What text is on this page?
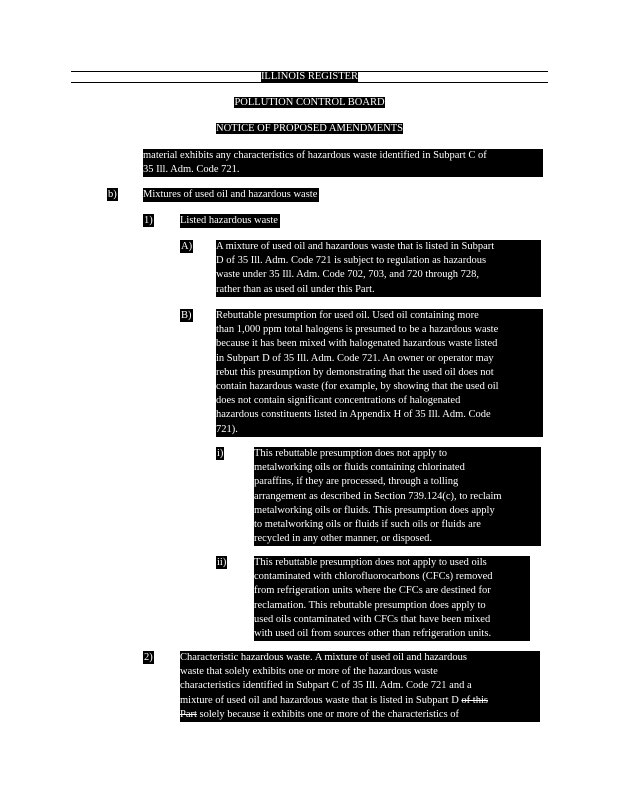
ILLINOIS REGISTER
POLLUTION CONTROL BOARD
NOTICE OF PROPOSED AMENDMENTS
material exhibits any characteristics of hazardous waste identified in Subpart C of
35 Ill. Adm. Code 721.
b)	Mixtures of used oil and hazardous waste
1)	Listed hazardous waste
A) A mixture of used oil and hazardous waste that is listed in Subpart
D of 35 Ill. Adm. Code 721 is subject to regulation as hazardous
waste under 35 Ill. Adm. Code 702, 703, and 720 through 728,
rather than as used oil under this Part.
B) Rebuttable presumption for used oil. Used oil containing more
than 1,000 ppm total halogens is presumed to be a hazardous waste
because it has been mixed with halogenated hazardous waste listed
in Subpart D of 35 Ill. Adm. Code 721. An owner or operator may
rebut this presumption by demonstrating that the used oil does not
contain hazardous waste (for example, by showing that the used oil
does not contain significant concentrations of halogenated
hazardous constituents listed in Appendix H of 35 Ill. Adm. Code
721).
i)	This rebuttable presumption does not apply to
metalworking oils or fluids containing chlorinated
paraffins, if they are processed, through a tolling
arrangement as described in Section 739.124(c), to reclaim
metalworking oils or fluids. This presumption does apply
to metalworking oils or fluids if such oils or fluids are
recycled in any other manner, or disposed.
ii)	This rebuttable presumption does not apply to used oils
contaminated with chlorofluorocarbons (CFCs) removed
from refrigeration units where the CFCs are destined for
reclamation. This rebuttable presumption does apply to
used oils contaminated with CFCs that have been mixed
with used oil from sources other than refrigeration units.
2)	Characteristic hazardous waste. A mixture of used oil and hazardous
waste that solely exhibits one or more of the hazardous waste
characteristics identified in Subpart C of 35 Ill. Adm. Code 721 and a
mixture of used oil and hazardous waste that is listed in Subpart D of this
Part solely because it exhibits one or more of the characteristics of
